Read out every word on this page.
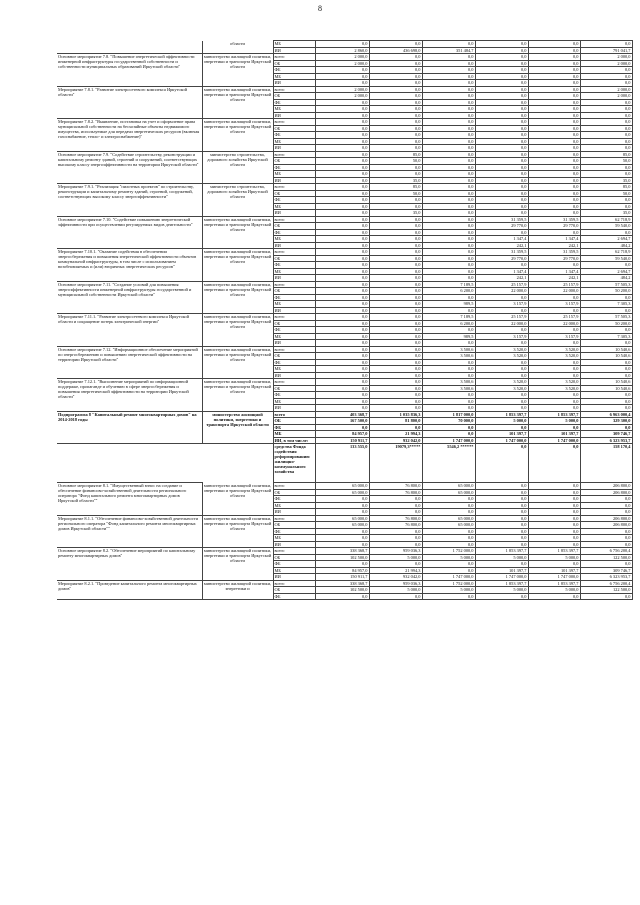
8
	области	МБ	0,0	0,0	0,0	0,0	0,0	0,0
		ИИ	2 860,0	436 698,0	351 484,7	0,0	0,0	791 041,7
Основное мероприятие 7.8. "Повышение энергетической эффективности инженерной инфраструктуры государственной собственности и собственности муниципальных образований Иркутской области"	министерство жилищной политики, энергетики и транспорта Иркутской области	всего	2 000,0	0,0	0,0	0,0	0,0	2 000,0
		ОБ	2 000,0	0,0	0,0	0,0	0,0	2 000,0
		ФБ	0,0	0,0	0,0	0,0	0,0	0,0
		МБ	0,0	0,0	0,0	0,0	0,0	0,0
		ИИ	0,0	0,0	0,0	0,0	0,0	0,0
Мероприятие 7.8.1. "Развитие электросетевого комплекса Иркутской области"	министерство жилищной политики, энергетики и транспорта Иркутской области	всего	2 000,0	0,0	0,0	0,0	0,0	2 000,0
		ОБ	2 000,0	0,0	0,0	0,0	0,0	2 000,0
		ФБ	0,0	0,0	0,0	0,0	0,0	0,0
		МБ	0,0	0,0	0,0	0,0	0,0	0,0
		ИИ	0,0	0,0	0,0	0,0	0,0	0,0
Мероприятие 7.8.2. "Выявление, постановка на учет и оформление права муниципальной собственности на бесхозяйные объекты недвижимого имущества, используемые для передачи энергетических ресурсов (включая газоснабжение, тепло- и электроснабжение)"	министерство жилищной политики, энергетики и транспорта Иркутской области	всего	0,0	0,0	0,0	0,0	0,0	0,0
		ОБ	0,0	0,0	0,0	0,0	0,0	0,0
		ФБ	0,0	0,0	0,0	0,0	0,0	0,0
		МБ	0,0	0,0	0,0	0,0	0,0	0,0
		ИИ	0,0	0,0	0,0	0,0	0,0	0,0
Основное мероприятие 7.9. "Содействие строительству, реконструкции и капитальному ремонту зданий, строений и сооружений, соответствующих высокому классу энергоэффективности на территории Иркутской области"	министерство строительства, дорожного хозяйства Иркутской области	всего	0,0	85,0	0,0	0,0	0,0	85,0
		ОБ	0,0	50,0	0,0	0,0	0,0	50,0
		ФБ	0,0	0,0	0,0	0,0	0,0	0,0
		МБ	0,0	0,0	0,0	0,0	0,0	0,0
		ИИ	0,0	35,0	0,0	0,0	0,0	35,0
Мероприятие 7.9.1. "Реализация "пилотных проектов" по строительству, реконструкции и капитальному ремонту зданий, строений, сооружений, соответствующих высокому классу энергоэффективности"	министерство строительства, дорожного хозяйства Иркутской области	всего	0,0	85,0	0,0	0,0	0,0	85,0
		ОБ	0,0	50,0	0,0	0,0	0,0	50,0
		ФБ	0,0	0,0	0,0	0,0	0,0	0,0
		МБ	0,0	0,0	0,0	0,0	0,0	0,0
		ИИ	0,0	35,0	0,0	0,0	0,0	35,0
Основное мероприятие 7.10. "Содействие повышению энергетической эффективности при осуществлении регулируемых видов деятельности"	министерство жилищной политики, энергетики и транспорта Иркутской области	всего	0,0	0,0	0,0	31 359,5	31 359,5	62 718,9
		ОБ	0,0	0,0	0,0	29 770,0	29 770,0	59 540,0
		ФБ	0,0	0,0	0,0	0,0	0,0	0,0
		МБ	0,0	0,0	0,0	1 347,4	1 347,4	2 694,7
		ИИ	0,0	0,0	0,0	242,1	242,1	484,2
Мероприятие 7.10.1. "Оказание содействия в обеспечении энергосбережения и повышения энергетической эффективности объектов коммунальной инфраструктуры, в том числе с использованием возобновляемых и (или) вторичных энергетических ресурсов"	министерство жилищной политики, энергетики и транспорта Иркутской области	всего	0,0	0,0	0,0	31 359,5	31 359,5	62 718,9
		ОБ	0,0	0,0	0,0	29 770,0	29 770,0	59 540,0
		ФБ	0,0	0,0	0,0	0,0	0,0	0,0
		МБ	0,0	0,0	0,0	1 347,4	1 347,4	2 694,7
		ИИ	0,0	0,0	0,0	242,1	242,1	484,2
Основное мероприятие 7.11. "Создание условий для повышения энергоэффективности инженерной инфраструктуры государственной и муниципальной собственности Иркутской области"	министерство жилищной политики, энергетики и транспорта Иркутской области	всего	0,0	0,0	7 189,5	25 157,9	25 157,9	57 505,3
		ОБ	0,0	0,0	6 200,0	22 000,0	22 000,0	50 200,0
		ФБ	0,0	0,0	0,0	0,0	0,0	0,0
		МБ	0,0	0,0	989,5	3 157,9	3 157,9	7 305,3
		ИИ	0,0	0,0	0,0	0,0	0,0	0,0
Мероприятие 7.11.1. "Развитие электросетевого комплекса Иркутской области и сокращение потерь электрической энергии"	министерство жилищной политики, энергетики и транспорта Иркутской области	всего	0,0	0,0	7 189,5	25 157,9	25 157,9	57 505,3
		ОБ	0,0	0,0	6 200,0	22 000,0	22 000,0	50 200,0
		ФБ	0,0	0,0	0,0	0,0	0,0	0,0
		МБ	0,0	0,0	989,5	3 157,9	3 157,9	7 305,3
		ИИ	0,0	0,0	0,0	0,0	0,0	0,0
Основное мероприятие 7.12. "Информационное обеспечение мероприятий по энергосбережению и повышению энергетической эффективности на территории Иркутской области"	министерство жилищной политики, энергетики и транспорта Иркутской области	всего	0,0	0,0	3 500,6	3 520,0	3 520,0	10 540,6
		ОБ	0,0	0,0	3 500,6	3 520,0	3 520,0	10 540,6
		ФБ	0,0	0,0	0,0	0,0	0,0	0,0
		МБ	0,0	0,0	0,0	0,0	0,0	0,0
		ИИ	0,0	0,0	0,0	0,0	0,0	0,0
Мероприятие 7.12.1. "Выполнение мероприятий по информационной поддержке, пропаганде и обучению в сфере энергосбережения и повышения энергетической эффективности на территории Иркутской области"	министерство жилищной политики, энергетики и транспорта Иркутской области	всего	0,0	0,0	3 500,6	3 520,0	3 520,0	10 540,6
		ОБ	0,0	0,0	3 500,6	3 520,0	3 520,0	10 540,6
		ФБ	0,0	0,0	0,0	0,0	0,0	0,0
		МБ	0,0	0,0	0,0	0,0	0,0	0,0
		ИИ	0,0	0,0	0,0	0,0	0,0	0,0
Подпрограмма 8 "Капитальный ремонт многоквартирных домов" на 2014-2018 годы	министерство жилищной политики, энергетики и транспорта Иркутской области	всего	403 368,7	1 035 836,3	1 817 000,0	1 853 397,7	1 853 397,7	6 963 000,4
		ОБ	167 500,0	81 800,0	70 000,0	5 000,0	5 000,0	329 300,0
		ФБ	0,0	0,0	0,0	0,0	0,0	0,0
		МБ	84 957,0	21 994,3	0,0	101 397,7	101 397,7	309 746,7
		ИИ, в том числе:	150 911,7	932 042,0	1 747 000,0	1 747 000,0	1 747 000,0	6 323 953,7
		средства Фонда содействия реформированию жилищно-коммунального хозяйства	133 555,0	19079,3*****	5546,2 ******	0,0	0,0	158 170,4
Основное мероприятие 8.1. "Имущественный взнос на создание и обеспечение финансово-хозяйственной деятельности регионального оператора "Фонд капитального ремонта многоквартирных домов Иркутской области""	министерство жилищной политики, энергетики и транспорта Иркутской области	всего	65 000,0	76 800,0	65 000,0	0,0	0,0	206 800,0
		ОБ	65 000,0	76 800,0	65 000,0	0,0	0,0	206 800,0
		ФБ	0,0	0,0	0,0	0,0	0,0	0,0
		МБ	0,0	0,0	0,0	0,0	0,0	0,0
		ИИ	0,0	0,0	0,0	0,0	0,0	0,0
Мероприятие 8.1.1. "Обеспечение финансово-хозяйственной деятельности регионального оператора "Фонд капитального ремонта многоквартирных домов Иркутской области""	министерство жилищной политики, энергетики и транспорта Иркутской области	всего	65 000,0	76 800,0	65 000,0	0,0	0,0	206 800,0
		ОБ	65 000,0	76 800,0	65 000,0	0,0	0,0	206 800,0
		ФБ	0,0	0,0	0,0	0,0	0,0	0,0
		МБ	0,0	0,0	0,0	0,0	0,0	0,0
		ИИ	0,0	0,0	0,0	0,0	0,0	0,0
Основное мероприятие 8.2. "Обеспечение мероприятий по капитальному ремонту многоквартирных домов"	министерство жилищной политики, энергетики и транспорта Иркутской области	всего	338 368,7	959 036,3	1 752 000,0	1 853 397,7	1 853 397,7	6 756 200,4
		ОБ	102 500,0	5 000,0	5 000,0	5 000,0	5 000,0	122 500,0
		ФБ	0,0	0,0	0,0	0,0	0,0	0,0
		МБ	84 957,0	21 994,3	0,0	101 397,7	101 397,7	309 746,7
		ИИ	150 911,7	932 042,0	1 747 000,0	1 747 000,0	1 747 000,0	6 323 953,7
Мероприятие 8.2.1. "Проведение капитального ремонта многоквартирных домов"	министерство жилищной политики, энергетики и	всего	338 368,7	959 036,3	1 752 000,0	1 853 397,7	1 853 397,7	6 756 200,4
		ОБ	102 500,0	5 000,0	5 000,0	5 000,0	5 000,0	122 500,0
		ФБ	0,0	0,0	0,0	0,0	0,0	0,0
